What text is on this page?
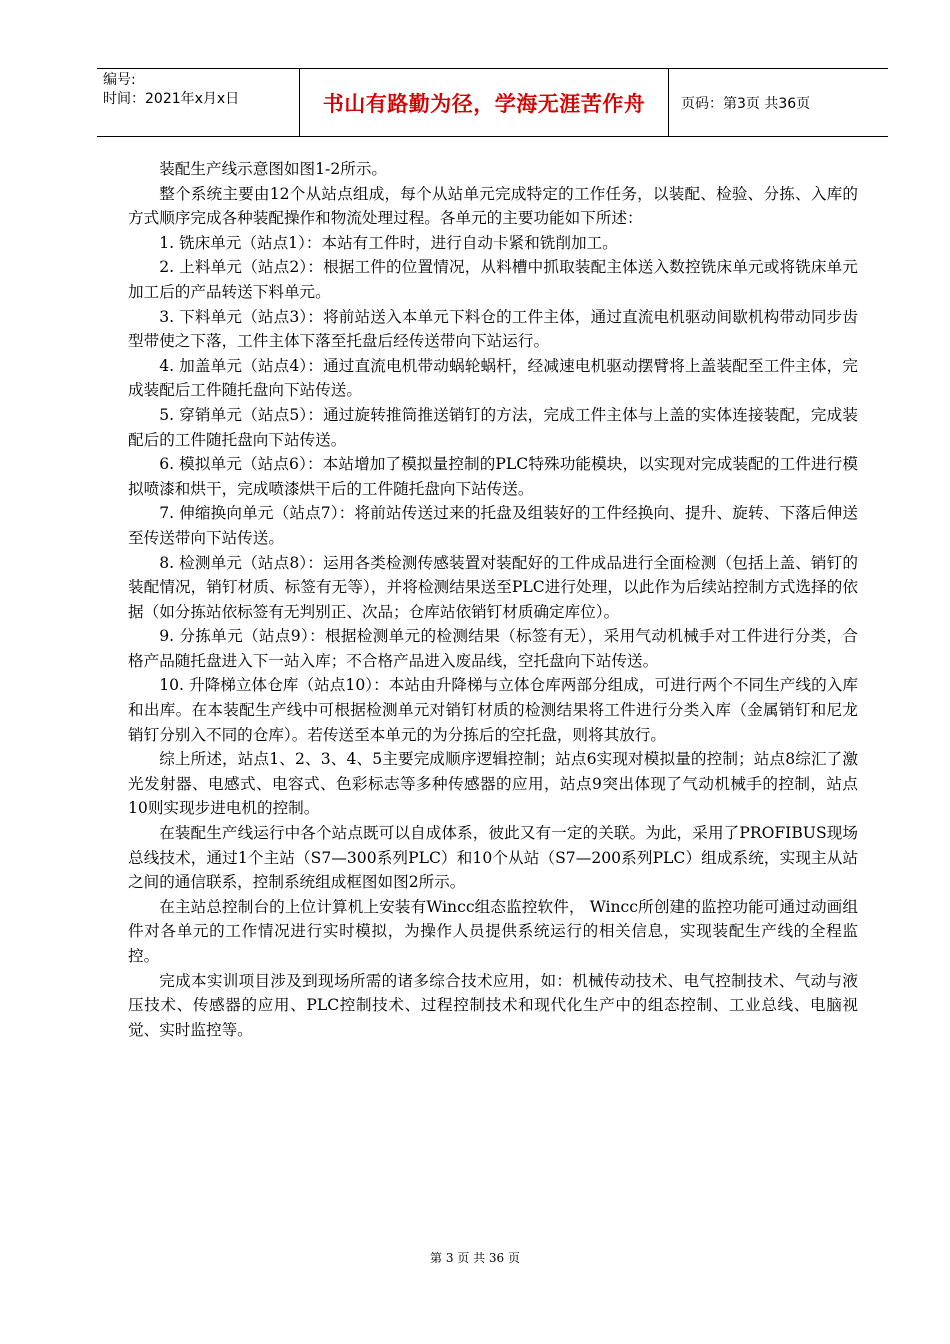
编号:
时间：2021年x月x日	书山有路勤为径，学海无涯苦作舟	页码：第3页 共36页

装配生产线示意图如图1-2所示。

整个系统主要由12个从站点组成，每个从站单元完成特定的工作任务，以装配、检验、分拣、入库的方式顺序完成各种装配操作和物流处理过程。各单元的主要功能如下所述：

1. 铣床单元（站点1）：本站有工件时，进行自动卡紧和铣削加工。

2. 上料单元（站点2）：根据工件的位置情况，从料槽中抓取装配主体送入数控铣床单元或将铣床单元加工后的产品转送下料单元。

3. 下料单元（站点3）：将前站送入本单元下料仓的工件主体，通过直流电机驱动间歇机构带动同步齿型带使之下落，工件主体下落至托盘后经传送带向下站运行。

4. 加盖单元（站点4）：通过直流电机带动蜗轮蜗杆，经减速电机驱动摆臂将上盖装配至工件主体，完成装配后工件随托盘向下站传送。

5. 穿销单元（站点5）：通过旋转推筒推送销钉的方法，完成工件主体与上盖的实体连接装配，完成装配后的工件随托盘向下站传送。

6. 模拟单元（站点6）：本站增加了模拟量控制的PLC特殊功能模块，以实现对完成装配的工件进行模拟喷漆和烘干，完成喷漆烘干后的工件随托盘向下站传送。

7. 伸缩换向单元（站点7）：将前站传送过来的托盘及组装好的工件经换向、提升、旋转、下落后伸送至传送带向下站传送。

8. 检测单元（站点8）：运用各类检测传感装置对装配好的工件成品进行全面检测（包括上盖、销钉的装配情况，销钉材质、标签有无等），并将检测结果送至PLC进行处理，以此作为后续站控制方式选择的依据（如分拣站依标签有无判别正、次品；仓库站依销钉材质确定库位）。

9. 分拣单元（站点9）：根据检测单元的检测结果（标签有无），采用气动机械手对工件进行分类，合格产品随托盘进入下一站入库；不合格产品进入废品线，空托盘向下站传送。

10. 升降梯立体仓库（站点10）：本站由升降梯与立体仓库两部分组成，可进行两个不同生产线的入库和出库。在本装配生产线中可根据检测单元对销钉材质的检测结果将工件进行分类入库（金属销钉和尼龙销钉分别入不同的仓库）。若传送至本单元的为分拣后的空托盘，则将其放行。

综上所述，站点1、2、3、4、5主要完成顺序逻辑控制；站点6实现对模拟量的控制；站点8综汇了激光发射器、电感式、电容式、色彩标志等多种传感器的应用，站点9突出体现了气动机械手的控制，站点10则实现步进电机的控制。

在装配生产线运行中各个站点既可以自成体系，彼此又有一定的关联。为此，采用了PROFIBUS现场总线技术，通过1个主站（S7—300系列PLC）和10个从站（S7—200系列PLC）组成系统，实现主从站之间的通信联系，控制系统组成框图如图2所示。

在主站总控制台的上位计算机上安装有Wincc组态监控软件， Wincc所创建的监控功能可通过动画组件对各单元的工作情况进行实时模拟，为操作人员提供系统运行的相关信息，实现装配生产线的全程监控。

完成本实训项目涉及到现场所需的诸多综合技术应用，如：机械传动技术、电气控制技术、气动与液压技术、传感器的应用、PLC控制技术、过程控制技术和现代化生产中的组态控制、工业总线、电脑视觉、实时监控等。

第 3 页 共 36 页
